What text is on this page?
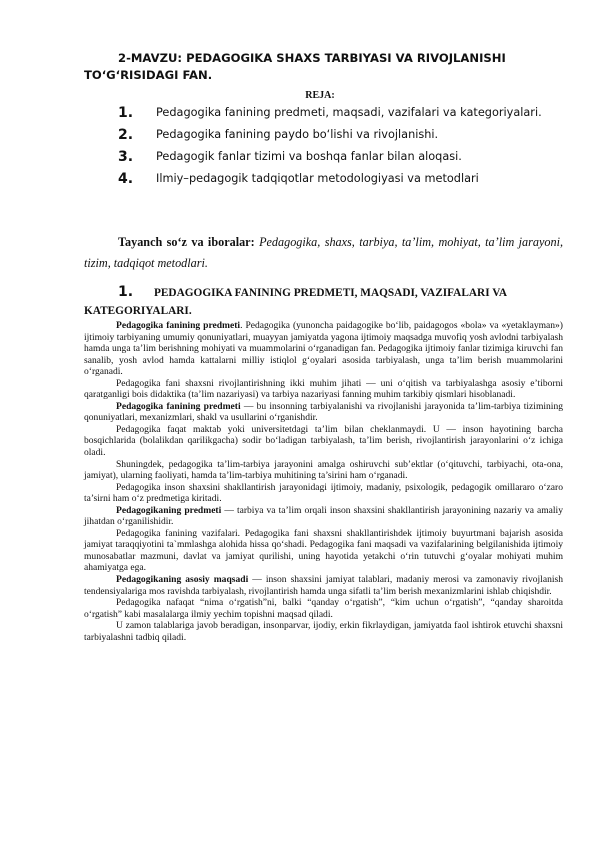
2-MAVZU: PEDAGOGIKA SHAXS TARBIYASI VA RIVOJLANISHI TO‘G‘RISIDAGI FAN.
REJA:
1. Pedagogika fanining predmeti, maqsadi, vazifalari va kategoriyalari.
2. Pedagogika fanining paydo bo‘lishi va rivojlanishi.
3. Pedagogik fanlar tizimi va boshqa fanlar bilan aloqasi.
4. Ilmiy–pedagogik tadqiqotlar metodologiyasi va metodlari
Tayanch so‘z va iboralar: Pedagogika, shaxs, tarbiya, ta’lim, mohiyat, ta’lim jarayoni, tizim, tadqiqot metodlari.
1. PEDAGOGIKA FANINING PREDMETI, MAQSADI, VAZIFALARI VA KATEGORIYALARI.

Pedagogika fanining predmeti. Pedagogika (yunoncha paidagogike bo‘lib, paidagogos «bola» va «yetaklayman») ijtimoiy tarbiyaning umumiy qonuniyatlari, muayyan jamiyatda yagona ijtimoiy maqsadga muvofiq yosh avlodni tarbiyalash hamda unga ta’lim berishning mohiyati va muammolarini o‘rganadigan fan. Pedagogika ijtimoiy fanlar tizimiga kiruvchi fan sanalib, yosh avlod hamda kattalarni milliy istiqlol g‘oyalari asosida tarbiyalash, unga ta’lim berish muammolarini o‘rganadi.

Pedagogika fani shaxsni rivojlantirishning ikki muhim jihati — uni o‘qitish va tarbiyalashga asosiy e’tiborni qaratganligi bois didaktika (ta’lim nazariyasi) va tarbiya nazariyasi fanning muhim tarkibiy qismlari hisoblanadi.

Pedagogika fanining predmeti — bu insonning tarbiyalanishi va rivojlanishi jarayonida ta’lim-tarbiya tizimining qonuniyatlari, mexanizmlari, shakl va usullarini o‘rganishdir.

Pedagogika faqat maktab yoki universitetdagi ta’lim bilan cheklanmaydi. U — inson hayotining barcha bosqichlarida (bolalikdan qarilikgacha) sodir bo‘ladigan tarbiyalash, ta’lim berish, rivojlantirish jarayonlarini o‘z ichiga oladi.

Shuningdek, pedagogika ta’lim-tarbiya jarayonini amalga oshiruvchi sub’ektlar (o‘qituvchi, tarbiyachi, ota-ona, jamiyat), ularning faoliyati, hamda ta’lim-tarbiya muhitining ta’sirini ham o‘rganadi.

Pedagogika inson shaxsini shakllantirish jarayonidagi ijtimoiy, madaniy, psixologik, pedagogik omillararo o‘zaro ta’sirni ham o‘z predmetiga kiritadi.

Pedagogikaning predmeti — tarbiya va ta’lim orqali inson shaxsini shakllantirish jarayonining nazariy va amaliy jihatdan o‘rganilishidir.

Pedagogika fanining vazifalari. Pedagogika fani shaxsni shakllantirishdek ijtimoiy buyurtmani bajarish asosida jamiyat taraqqiyotini ta`mmlashga alohida hissa qo‘shadi. Pedagogika fani maqsadi va vazifalarining belgilanishida ijtimoiy munosabatlar mazmuni, davlat va jamiyat qurilishi, uning hayotida yetakchi o‘rin tutuvchi g‘oyalar mohiyati muhim ahamiyatga ega.

Pedagogikaning asosiy maqsadi — inson shaxsini jamiyat talablari, madaniy merosi va zamonaviy rivojlanish tendensiyalariga mos ravishda tarbiyalash, rivojlantirish hamda unga sifatli ta’lim berish mexanizmlarini ishlab chiqishdir.

Pedagogika nafaqat “nima o‘rgatish”ni, balki “qanday o‘rgatish”, “kim uchun o‘rgatish”, “qanday sharoitda o‘rgatish” kabi masalalarga ilmiy yechim topishni maqsad qiladi.

U zamon talablariga javob beradigan, insonparvar, ijodiy, erkin fikrlaydigan, jamiyatda faol ishtirok etuvchi shaxsni tarbiyalashni tadbiq qiladi.
